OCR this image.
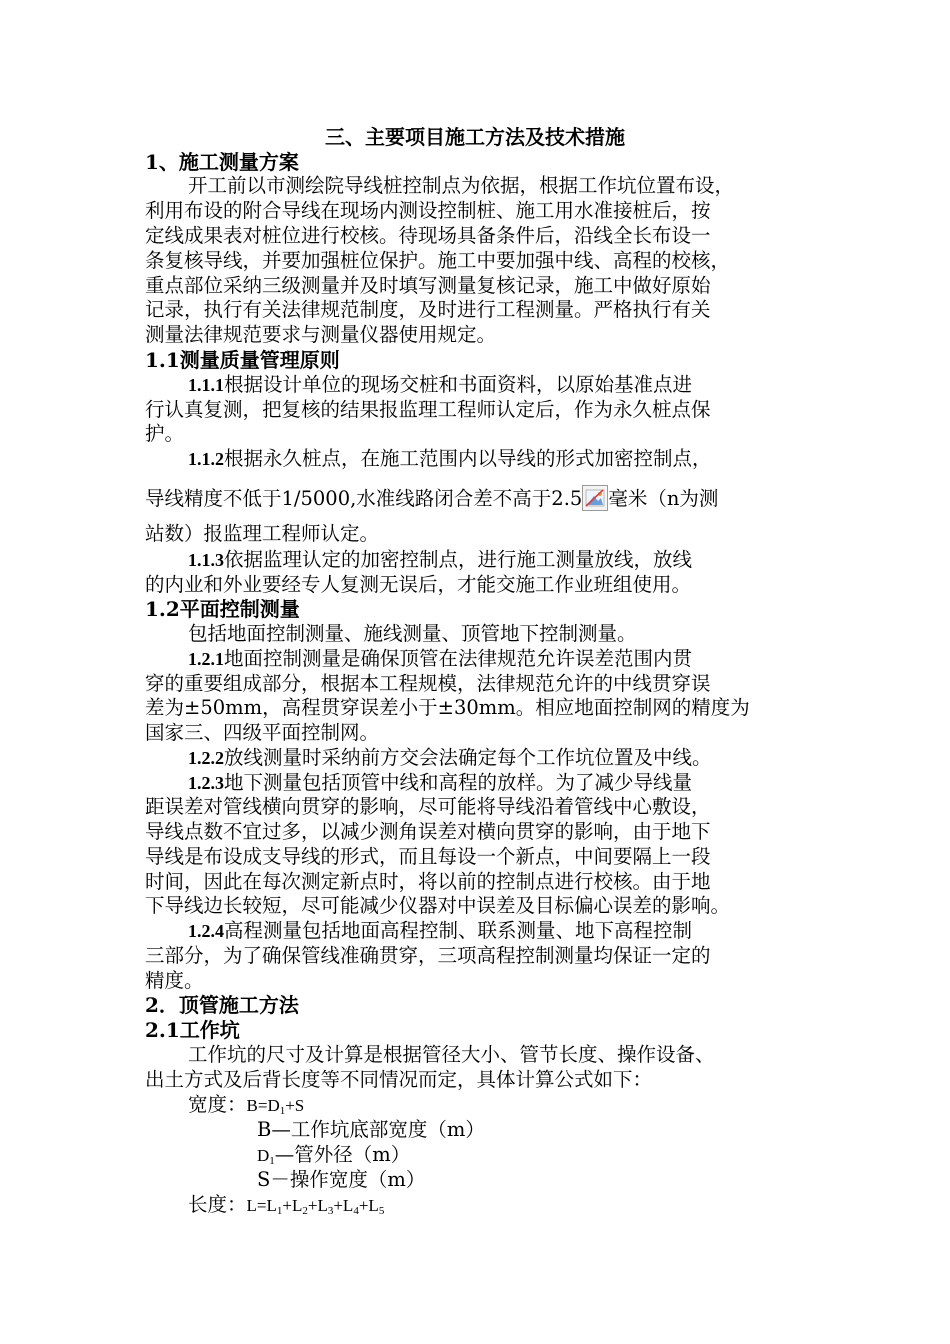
三、主要项目施工方法及技术措施
1、施工测量方案
开工前以市测绘院导线桩控制点为依据，根据工作坑位置布设，
利用布设的附合导线在现场内测设控制桩、施工用水准接桩后，按
定线成果表对桩位进行校核。待现场具备条件后，沿线全长布设一
条复核导线，并要加强桩位保护。施工中要加强中线、高程的校核，
重点部位采纳三级测量并及时填写测量复核记录，施工中做好原始
记录，执行有关法律规范制度，及时进行工程测量。严格执行有关
测量法律规范要求与测量仪器使用规定。
1.1测量质量管理原则
1.1.1根据设计单位的现场交桩和书面资料，以原始基准点进
行认真复测，把复核的结果报监理工程师认定后，作为永久桩点保
护。
1.1.2根据永久桩点，在施工范围内以导线的形式加密控制点，
导线精度不低于1/5000,水准线路闭合差不高于2.5 毫米（n为测
站数）报监理工程师认定。
1.1.3依据监理认定的加密控制点，进行施工测量放线，放线
的内业和外业要经专人复测无误后，才能交施工作业班组使用。
1.2平面控制测量
包括地面控制测量、施线测量、顶管地下控制测量。
1.2.1地面控制测量是确保顶管在法律规范允许误差范围内贯
穿的重要组成部分，根据本工程规模，法律规范允许的中线贯穿误
差为±50mm，高程贯穿误差小于±30mm。相应地面控制网的精度为
国家三、四级平面控制网。
1.2.2放线测量时采纳前方交会法确定每个工作坑位置及中线。
1.2.3地下测量包括顶管中线和高程的放样。为了减少导线量
距误差对管线横向贯穿的影响，尽可能将导线沿着管线中心敷设，
导线点数不宜过多，以减少测角误差对横向贯穿的影响，由于地下
导线是布设成支导线的形式，而且每设一个新点，中间要隔上一段
时间，因此在每次测定新点时，将以前的控制点进行校核。由于地
下导线边长较短，尽可能减少仪器对中误差及目标偏心误差的影响。
1.2.4高程测量包括地面高程控制、联系测量、地下高程控制
三部分，为了确保管线准确贯穿，三项高程控制测量均保证一定的
精度。
2．顶管施工方法
2.1工作坑
工作坑的尺寸及计算是根据管径大小、管节长度、操作设备、
出土方式及后背长度等不同情况而定，具体计算公式如下：
宽度：$B=D_1+S$
B—工作坑底部宽度（m）
$D_1—$管外径（m）
S－操作宽度（m）
长度：$L=L_1+L_2+L_3+L_4+L_5$
